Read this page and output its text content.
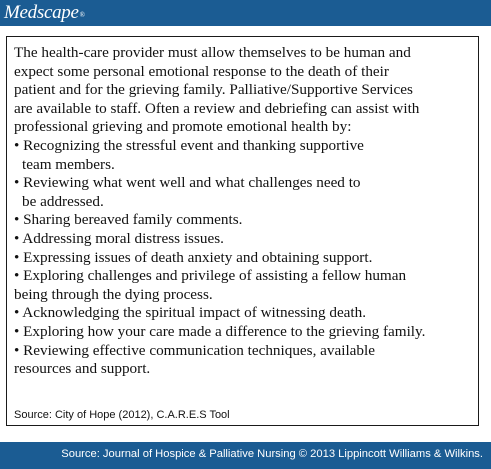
Medscape®
The health-care provider must allow themselves to be human and
expect some personal emotional response to the death of their
patient and for the grieving family. Palliative/Supportive Services
are available to staff. Often a review and debriefing can assist with
professional grieving and promote emotional health by:
• Recognizing the stressful event and thanking supportive
team members.
• Reviewing what went well and what challenges need to
be addressed.
• Sharing bereaved family comments.
• Addressing moral distress issues.
• Expressing issues of death anxiety and obtaining support.
• Exploring challenges and privilege of assisting a fellow human
being through the dying process.
• Acknowledging the spiritual impact of witnessing death.
• Exploring how your care made a difference to the grieving family.
• Reviewing effective communication techniques, available
resources and support.
Source: City of Hope (2012), C.A.R.E.S Tool
Source: Journal of Hospice & Palliative Nursing © 2013 Lippincott Williams & Wilkins.
